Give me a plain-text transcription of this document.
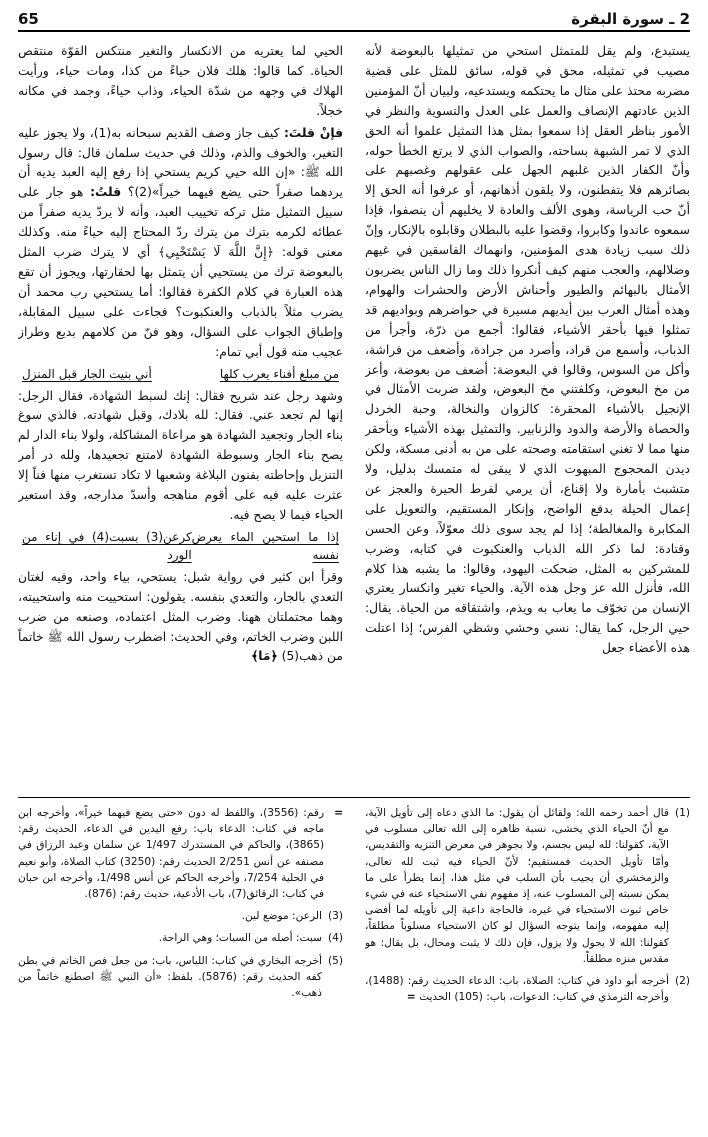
2 ـ سورة البقرة
65

يستبدع، ولم يقل للمتمثل استحي من تمثيلها بالبعوضة لأنه مصيب في تمثيله، محق في قوله، سائق للمثل على قضية مضربه محتذ على مثال ما يحتكمه ويستدعيه، ولبيان أنّ المؤمنين الذين عادتهم الإنصاف والعمل على العدل والتسوية والنظر في الأمور بناظر العقل إذا سمعوا بمثل هذا التمثيل علموا أنه الحق الذي لا تمر الشبهة بساحته، والصواب الذي لا يرتع الخطأ حوله، وأنّ الكفار الذين غلبهم الجهل على عقولهم وغصبهم على بصائرهم فلا يتفطنون، ولا يلقون أذهانهم، أو عرفوا أنه الحق إلا أنّ حب الرياسة، وهوى الألف والعادة لا يخليهم أن ينصفوا، فإذا سمعوه عاندوا وكابروا، وقضوا عليه بالبطلان وقابلوه بالإنكار، وإنّ ذلك سبب زيادة هدى المؤمنين، وانهماك الفاسقين في غيهم وضلالهم، والعجب منهم كيف أنكروا ذلك وما زال الناس يضربون الأمثال بالبهائم والطيور وأحناش الأرض والحشرات والهوام، وهذه أمثال العرب بين أيديهم مسيرة في حواضرهم وبواديهم قد تمثلوا فيها بأحقر الأشياء، فقالوا: أجمع من ذرّة، وأجرأ من الذباب، وأسمع من قراد، وأصرد من جرادة، وأضعف من فراشة، وأكل من السوس، وقالوا في البعوضة: أضعف من بعوضة، وأعز من مخ البعوض، وكلفتني مخ البعوض، ولقد ضربت الأمثال في الإنجيل بالأشياء المحقرة: كالزوان والنخالة، وحبة الخردل والحصاة والأرضة والدود والزنابير. والتمثيل بهذه الأشياء وبأحقر منها مما لا تغني استقامته وصحته على من به أدنى مسكة، ولكن ديدن المحجوج المبهوت الذي لا يبقى له متمسك بدليل، ولا متشبث بأمارة ولا إقناع، أن يرمي لفرط الحيرة والعجز عن إعمال الحيلة بدفع الواضح، وإنكار المستقيم، والتعويل على المكابرة والمغالطة؛ إذا لم يجد سوى ذلك معوّلاً، وعن الحسن وقتادة: لما ذكر الله الذباب والعنكبوت في كتابه، وضرب للمشركين به المثل، ضحكت اليهود، وقالوا: ما يشبه هذا كلام الله، فأنزل الله عز وجل هذه الآية. والحياء تغير وانكسار يعتري الإنسان من تخوّف ما يعاب به ويذم، واشتقاقه من الحياة. يقال: حيي الرجل، كما يقال: نسي وحشي وشظي الفرس؛ إذا اعتلت هذه الأعضاء جعل

الحيي لما يعتريه من الانكسار والتغير منتكس القوّة منتقص الحياة. كما قالوا: هلك فلان حياءً من كذا، ومات حياء، ورأيت الهلاك في وجهه من شدّة الحياء، وذاب حياءً، وجمد في مكانه خجلاً.

فإنْ قلتَ: كيف جاز وصف القديم سبحانه به(1)، ولا يجوز عليه التغير، والخوف والذم، وذلك في حديث سلمان قال: قال رسول الله ﷺ: «إن الله حيي كريم يستحي إذا رفع إليه العبد يديه أن يردهما صفراً حتى يضع فيهما خيراً»(2)؟ قلتُ: هو جار على سبيل التمثيل مثل تركه تخييب العبد، وأنه لا يردّ يديه صفراً من عطائه لكرمه بترك من يترك ردّ المحتاج إليه حياءً منه. وكذلك معنى قوله: ﴿إِنَّ اللَّهَ لَا يَسْتَحْيِي﴾ أي لا يترك ضرب المثل بالبعوضة ترك من يستحيي أن يتمثل بها لحقارتها، ويجوز أن تقع هذه العبارة في كلام الكفرة فقالوا: أما يستحيي رب محمد أن يضرب مثلاً بالذباب والعنكبوت؟ فجاءت على سبيل المقابلة، وإطباق الجواب على السؤال، وهو فنّ من كلامهم بديع وطراز عجيب منه قول أبي تمام:

من مبلغ أفناء يعرب كلها
أني بنيت الجار قبل المنزل

وشهد رجل عند شريح فقال: إنك لسبط الشهادة، فقال الرجل: إنها لم تجعد عني. فقال: لله بلادك، وقبل شهادته. فالذي سوغ بناء الجار وتجعيد الشهادة هو مراعاة المشاكلة، ولولا بناء الدار لم يصح بناء الجار وسبوطة الشهادة لامتنع تجعيدها، ولله در أمر التنزيل وإحاطته بفنون البلاغة وشعبها لا تكاد تستغرب منها فناً إلا عثرت عليه فيه على أقوم مناهجه وأسدّ مدارجه، وقد استعير الحياء فيما لا يصح فيه.

إذا ما استحين الماء يعرض نفسه
كرعن(3) بسبت(4) في إناء من الورد

وقرأ ابن كثير في رواية شبل: يستحي، بياء واحد، وفيه لغتان التعدي بالجار، والتعدي بنفسه. يقولون: استحييت منه واستحييته، وهما محتملتان ههنا. وضرب المثل اعتماده، وصنعه من ضرب اللبن وضرب الخاتم، وفي الحديث: اضطرب رسول الله ﷺ خاتماً من ذهب(5) ﴿مَا﴾

(1)
قال أحمد رحمه الله: ولقائل أن يقول: ما الذي دعاه إلى تأويل الآية، مع أنّ الحياء الذي يخشى، نسبة ظاهره إلى الله تعالى مسلوب في الآية، كقولنا: لله ليس بجسم، ولا بجوهر في معرض التنزيه والتقديس، وأمّا تأويل الحديث فمستقيم؛ لأنّ الحياء فيه ثبت لله تعالى، والزمخشري أن يجيب بأن السلب في مثل هذا، إنما يطرأ على ما يمكن نسبته إلى المسلوب عنه، إذ مفهوم نفي الاستحياء عنه في شيء خاص ثبوت الاستحياء في غيره، فالحاجة داعية إلى تأويله لما أفضى إليه مفهومه، وإنما يتوجه السؤال لو كان الاستحياء مسلوباً مطلقاً، كقولنا: الله لا يحول ولا يزول، فإن ذلك لا يثبت ومحال، بل يقال: هو مقدس منزه مطلقاً.
(2)
أخرجه أبو داود في كتاب: الصلاة، باب: الدعاء الحديث رقم: (1488)، وأخرجه الترمذي في كتاب: الدعوات، باب: (105) الحديث =
=
رقم: (3556)، واللفظ له دون «حتى يضع فيهما خيراً»، وأخرجه ابن ماجه في كتاب: الدعاء باب: رفع اليدين في الدعاء، الحديث رقم: (3865)، والحاكم في المستدرك 1/497 عن سلمان وعبد الرزاق في مصنفه عن أنس 2/251 الحديث رقم: (3250) كتاب الصلاة، وأبو نعيم في الحلية 7/254، وأخرجه الحاكم عن أنس 1/498، وأخرجه ابن حبان في كتاب: الرقائق(7)، باب الأدعية، حديث رقم: (876).
(3)
الرعن: موضع لين.
(4)
سبت: أصله من السبات؛ وهي الراحة.
(5)
أخرجه البخاري في كتاب: اللباس، باب: من جعل فص الخاتم في بطن كفه الحديث رقم: (5876). بلفظ: «أن النبي ﷺ اصطنع خاتماً من ذهب».
